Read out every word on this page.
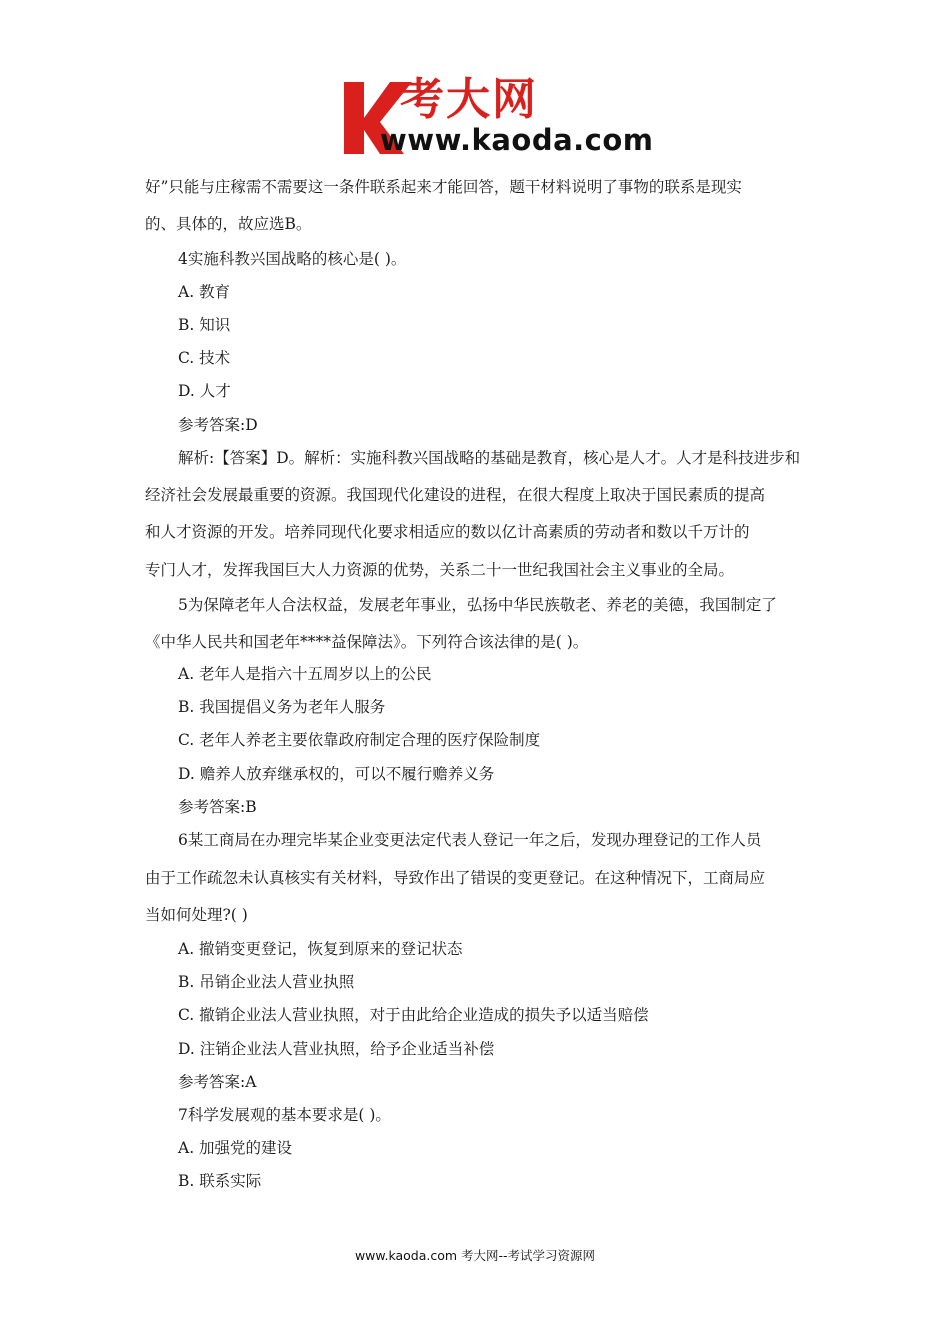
考大网
www.kaoda.com
好”只能与庄稼需不需要这一条件联系起来才能回答，题干材料说明了事物的联系是现实
的、具体的，故应选B。
4实施科教兴国战略的核心是( )。
A. 教育
B. 知识
C. 技术
D. 人才
参考答案:D
解析:【答案】D。解析：实施科教兴国战略的基础是教育，核心是人才。人才是科技进步和
经济社会发展最重要的资源。我国现代化建设的进程，在很大程度上取决于国民素质的提高
和人才资源的开发。培养同现代化要求相适应的数以亿计高素质的劳动者和数以千万计的
专门人才，发挥我国巨大人力资源的优势，关系二十一世纪我国社会主义事业的全局。
5为保障老年人合法权益，发展老年事业，弘扬中华民族敬老、养老的美德，我国制定了
《中华人民共和国老年****益保障法》。下列符合该法律的是( )。
A. 老年人是指六十五周岁以上的公民
B. 我国提倡义务为老年人服务
C. 老年人养老主要依靠政府制定合理的医疗保险制度
D. 赡养人放弃继承权的，可以不履行赡养义务
参考答案:B
6某工商局在办理完毕某企业变更法定代表人登记一年之后，发现办理登记的工作人员
由于工作疏忽未认真核实有关材料，导致作出了错误的变更登记。在这种情况下，工商局应
当如何处理?( )
A. 撤销变更登记，恢复到原来的登记状态
B. 吊销企业法人营业执照
C. 撤销企业法人营业执照，对于由此给企业造成的损失予以适当赔偿
D. 注销企业法人营业执照，给予企业适当补偿
参考答案:A
7科学发展观的基本要求是( )。
A. 加强党的建设
B. 联系实际
www.kaoda.com 考大网--考试学习资源网
